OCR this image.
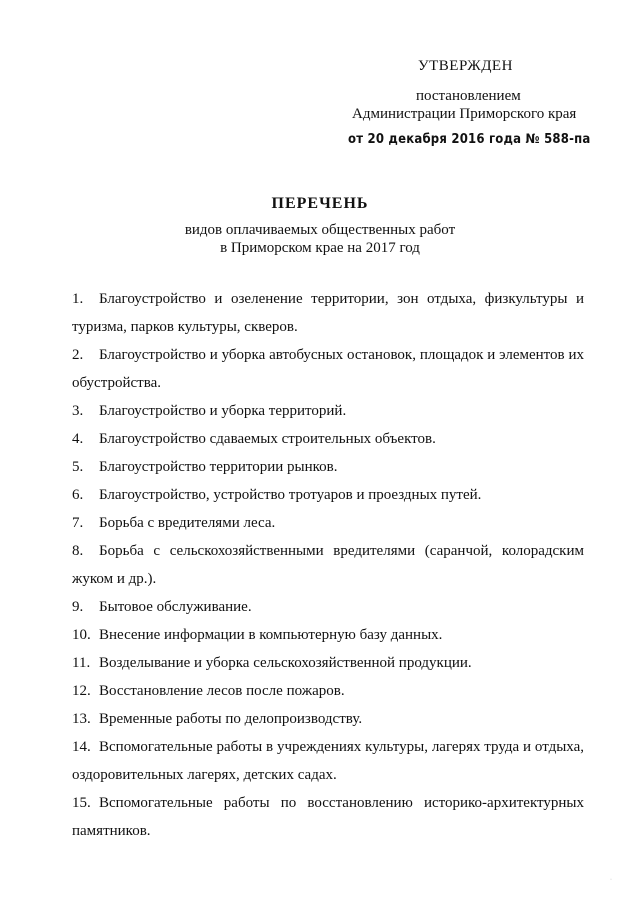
УТВЕРЖДЕН
постановлением
Администрации Приморского края
от 20 декабря 2016 года № 588-па
ПЕРЕЧЕНЬ
видов оплачиваемых общественных работ
в Приморском крае на 2017 год
1. Благоустройство и озеленение территории, зон отдыха, физкультуры и туризма, парков культуры, скверов.
2. Благоустройство и уборка автобусных остановок, площадок и элементов их обустройства.
3. Благоустройство и уборка территорий.
4. Благоустройство сдаваемых строительных объектов.
5. Благоустройство территории рынков.
6. Благоустройство, устройство тротуаров и проездных путей.
7. Борьба с вредителями леса.
8. Борьба с сельскохозяйственными вредителями (саранчой, колорадским жуком и др.).
9. Бытовое обслуживание.
10. Внесение информации в компьютерную базу данных.
11. Возделывание и уборка сельскохозяйственной продукции.
12. Восстановление лесов после пожаров.
13. Временные работы по делопроизводству.
14. Вспомогательные работы в учреждениях культуры, лагерях труда и отдыха, оздоровительных лагерях, детских садах.
15. Вспомогательные работы по восстановлению историко-архитектурных памятников.
·
